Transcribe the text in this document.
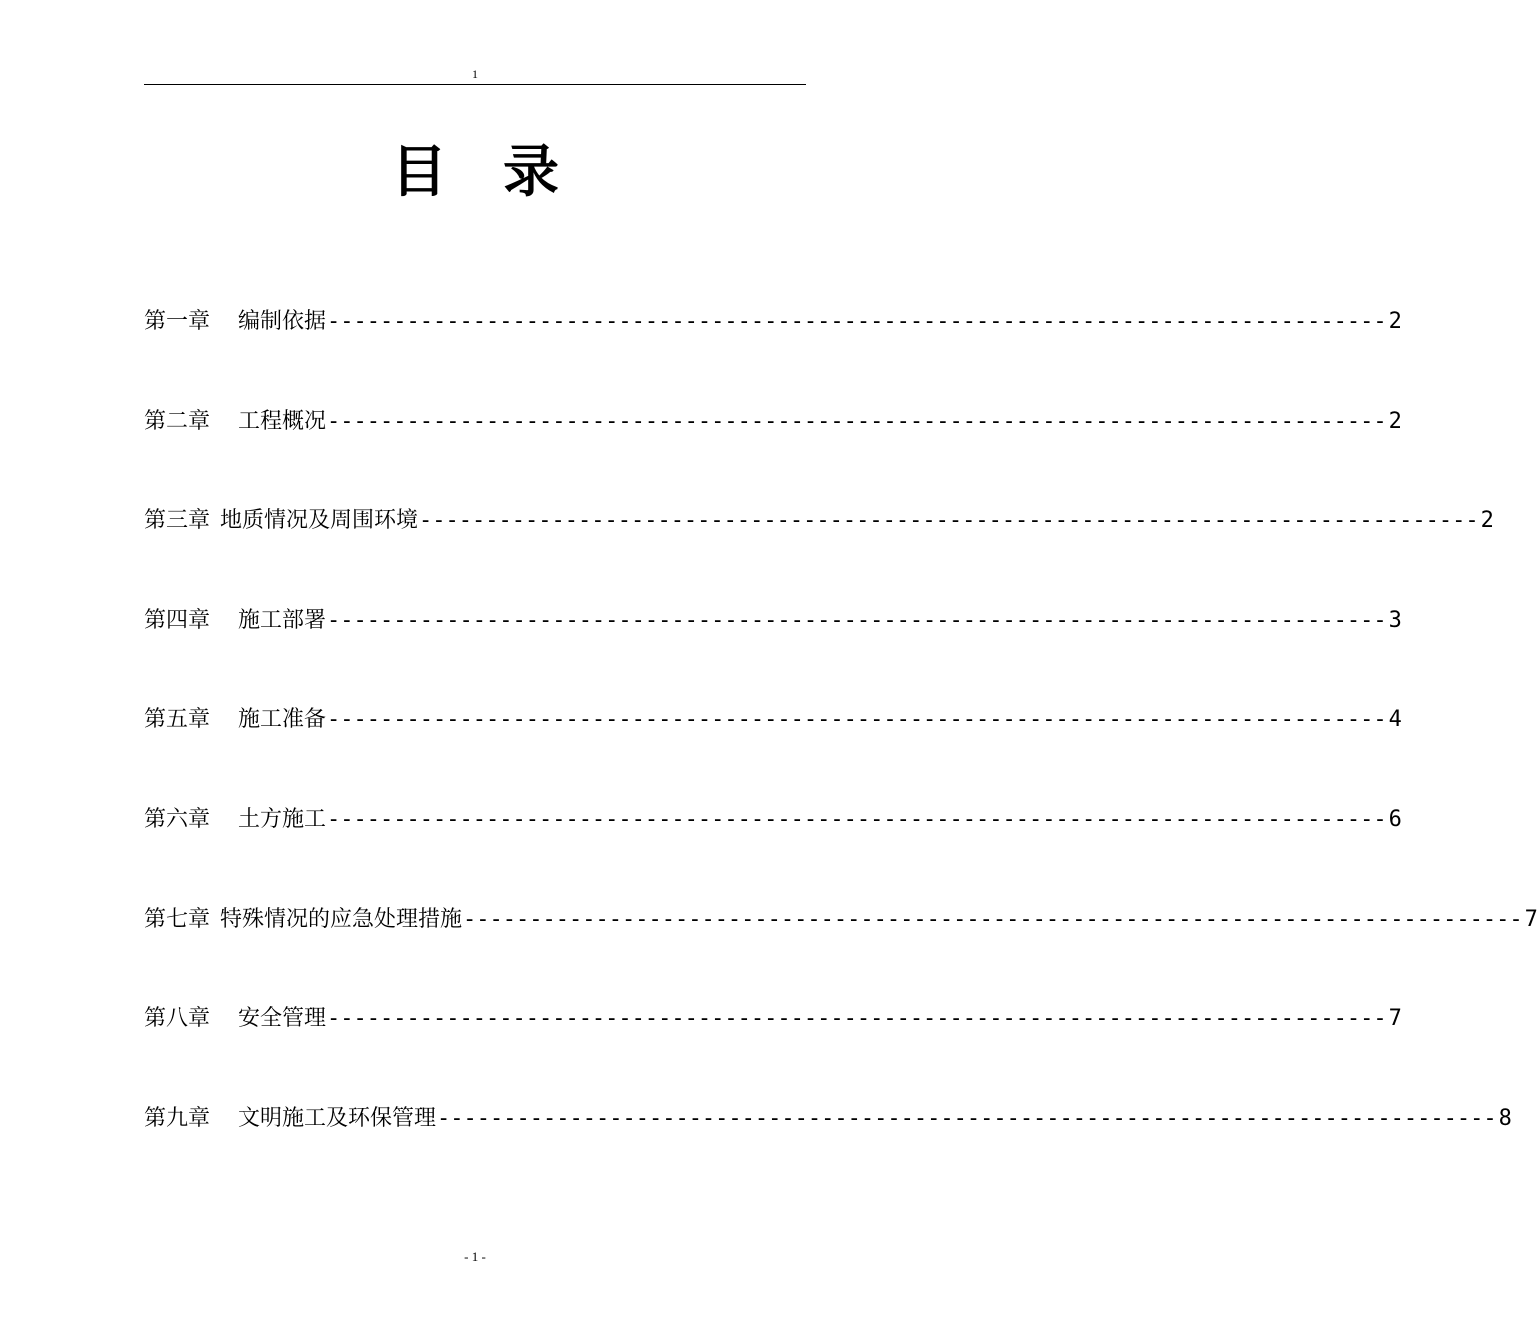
1
目 录
第一章 编制依据 -------------------------------------------------------------------------------- 2
第二章 工程概况 -------------------------------------------------------------------------------- 2
第三章 地质情况及周围环境 -------------------------------------------------------------------------------- 2
第四章 施工部署 -------------------------------------------------------------------------------- 3
第五章 施工准备 -------------------------------------------------------------------------------- 4
第六章 土方施工 -------------------------------------------------------------------------------- 6
第七章 特殊情况的应急处理措施 -------------------------------------------------------------------------------- 7
第八章 安全管理 -------------------------------------------------------------------------------- 7
第九章 文明施工及环保管理 -------------------------------------------------------------------------------- 8
- 1 -
